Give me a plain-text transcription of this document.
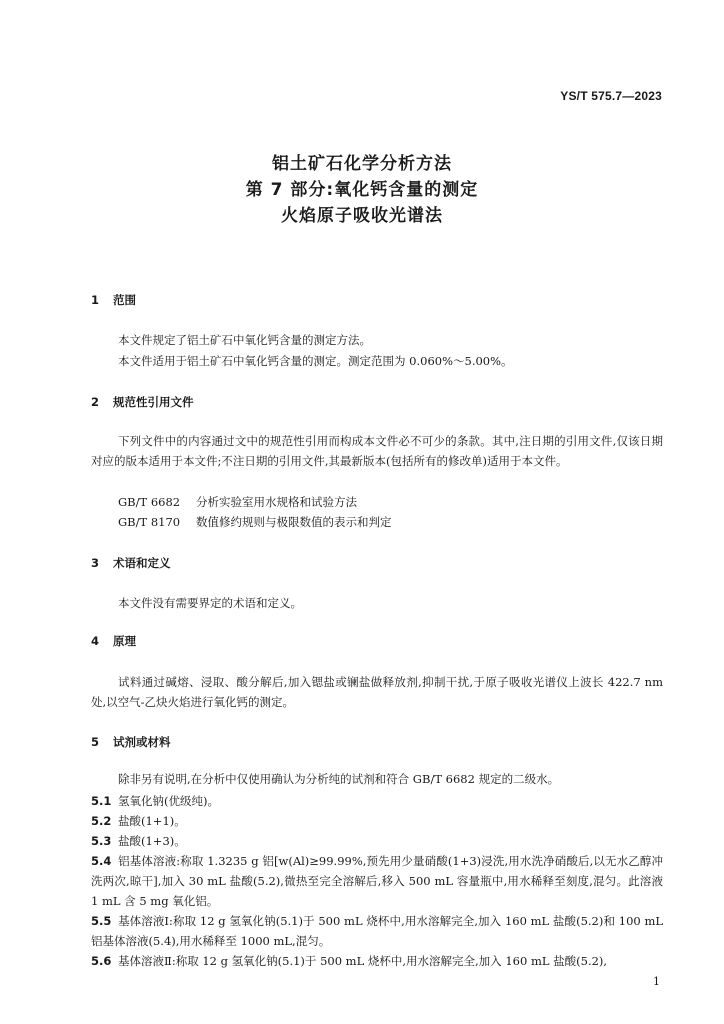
YS/T 575.7—2023
铝土矿石化学分析方法
第 7 部分:氧化钙含量的测定
火焰原子吸收光谱法
1 范围
本文件规定了铝土矿石中氧化钙含量的测定方法。
本文件适用于铝土矿石中氧化钙含量的测定。测定范围为 0.060%～5.00%。
2 规范性引用文件
下列文件中的内容通过文中的规范性引用而构成本文件必不可少的条款。其中,注日期的引用文件,仅该日期对应的版本适用于本文件;不注日期的引用文件,其最新版本(包括所有的修改单)适用于本文件。
GB/T 6682 分析实验室用水规格和试验方法
GB/T 8170 数值修约规则与极限数值的表示和判定
3 术语和定义
本文件没有需要界定的术语和定义。
4 原理
试料通过碱熔、浸取、酸分解后,加入锶盐或镧盐做释放剂,抑制干扰,于原子吸收光谱仪上波长 422.7 nm 处,以空气-乙炔火焰进行氧化钙的测定。
5 试剂或材料
除非另有说明,在分析中仅使用确认为分析纯的试剂和符合 GB/T 6682 规定的二级水。
5.1 氢氧化钠(优级纯)。
5.2 盐酸(1+1)。
5.3 盐酸(1+3)。
5.4 铝基体溶液:称取 1.3235 g 铝[w(Al)≥99.99%,预先用少量硝酸(1+3)浸洗,用水洗净硝酸后,以无水乙醇冲洗两次,晾干],加入 30 mL 盐酸(5.2),微热至完全溶解后,移入 500 mL 容量瓶中,用水稀释至刻度,混匀。此溶液 1 mL 含 5 mg 氧化铝。
5.5 基体溶液Ⅰ:称取 12 g 氢氧化钠(5.1)于 500 mL 烧杯中,用水溶解完全,加入 160 mL 盐酸(5.2)和 100 mL 铝基体溶液(5.4),用水稀释至 1000 mL,混匀。
5.6 基体溶液Ⅱ:称取 12 g 氢氧化钠(5.1)于 500 mL 烧杯中,用水溶解完全,加入 160 mL 盐酸(5.2),
1
